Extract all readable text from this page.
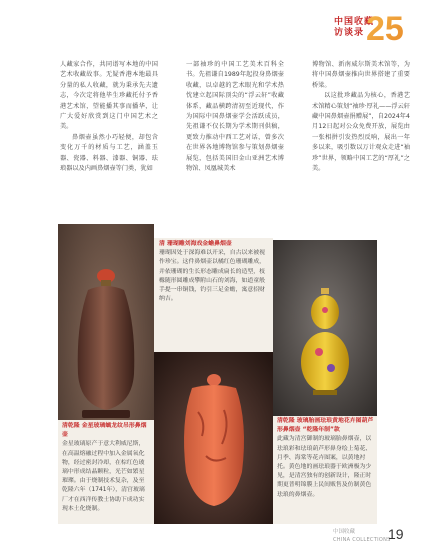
中国收藏
访谈录 25

人藏家合作，共同谱写本地的中国艺术收藏故事。无疑香港本地最具分量的私人收藏，就为秉承先夫遗志，今次定将他毕生珍藏托付予香港艺术馆，望能播其事而播华，让广大爱好欣赏到这门中国艺术之美。

鼻烟壶虽然小巧轻便，却包含变化万千的材质与工艺，涵盖玉器、瓷器、料器、漆器、铜器、珐琅器以及内画鼻烟壶等门类，犹如

一部袖珍的中国工艺美术百科全书。先祖谦自1989年起投身鼻烟壶收藏，以卓越的艺术眼光和学术热忱建立起国际顶尖的“浮云轩”收藏体系，藏品横跨清初至近现代，作为国际中国鼻烟壶学会活跃成员，先祖谦不仅长期为学术期刊供稿，更致力推动中西工艺对话，曾多次在世界各地博物馆参与策划鼻烟壶展览，包括美国旧金山亚洲艺术博物馆、凤凰城美术

博物馆、新南威尔斯美术馆等，为将中国鼻烟壶推向世界搭建了重要桥梁。

以这批珍藏品为核心，香港艺术馆精心策划“袖珍·厚礼——浮云轩藏中国鼻烟壶捐赠展”，自2024年4月12日起对公众免费开放，展览由一张相拼引发热烈反响，展出一年多以来，吸引数以万计观众走进“袖珍”世界，领略中国工艺的“厚礼”之美。

清乾隆 金星玻璃螭龙纹吊形鼻烟壶
金星玻璃原产于意大利威尼斯，在高温熔融过程中加入金属氧化物，经过密封冷却，在棕红色玻璃中形成结晶颗粒，光芒如繁星璀璨。由于烧制技术复杂，及至乾隆六年（1741年），清宫玻璃厂才在西洋传教士协助下成功实现本土化烧制。
清 珊瑚雕刘海戏金蟾鼻烟壶
珊瑚因处于深海难以开采，自古以来被视作珍宝。这件鼻烟壶以橘红色珊瑚雕成，并依珊瑚的生长形态雕成扁长的造型，枝橼随形圆雕成攀附山石的刘海，如道童般手提一串铜钱，钓引三足金蟾，寓意招财纳吉。
清乾隆 玻璃胎画珐琅黄地花卉图葫芦形鼻烟壶 “乾隆年制”款
此藏为清宫御制的玻璃胎鼻烟壶，以珐琅彩和珐琅葫芦形鼻身绘上菊花、月季、海棠等花卉图案，以黄地衬托。黄色地的画珐琅器于欧洲极为少见，是清宫独有的创新设计，隆正时期更普明锦膜上民间贩售及仿制黄色珐琅的鼻烟壶。
中国收藏
CHINA COLLECTIONS
19
